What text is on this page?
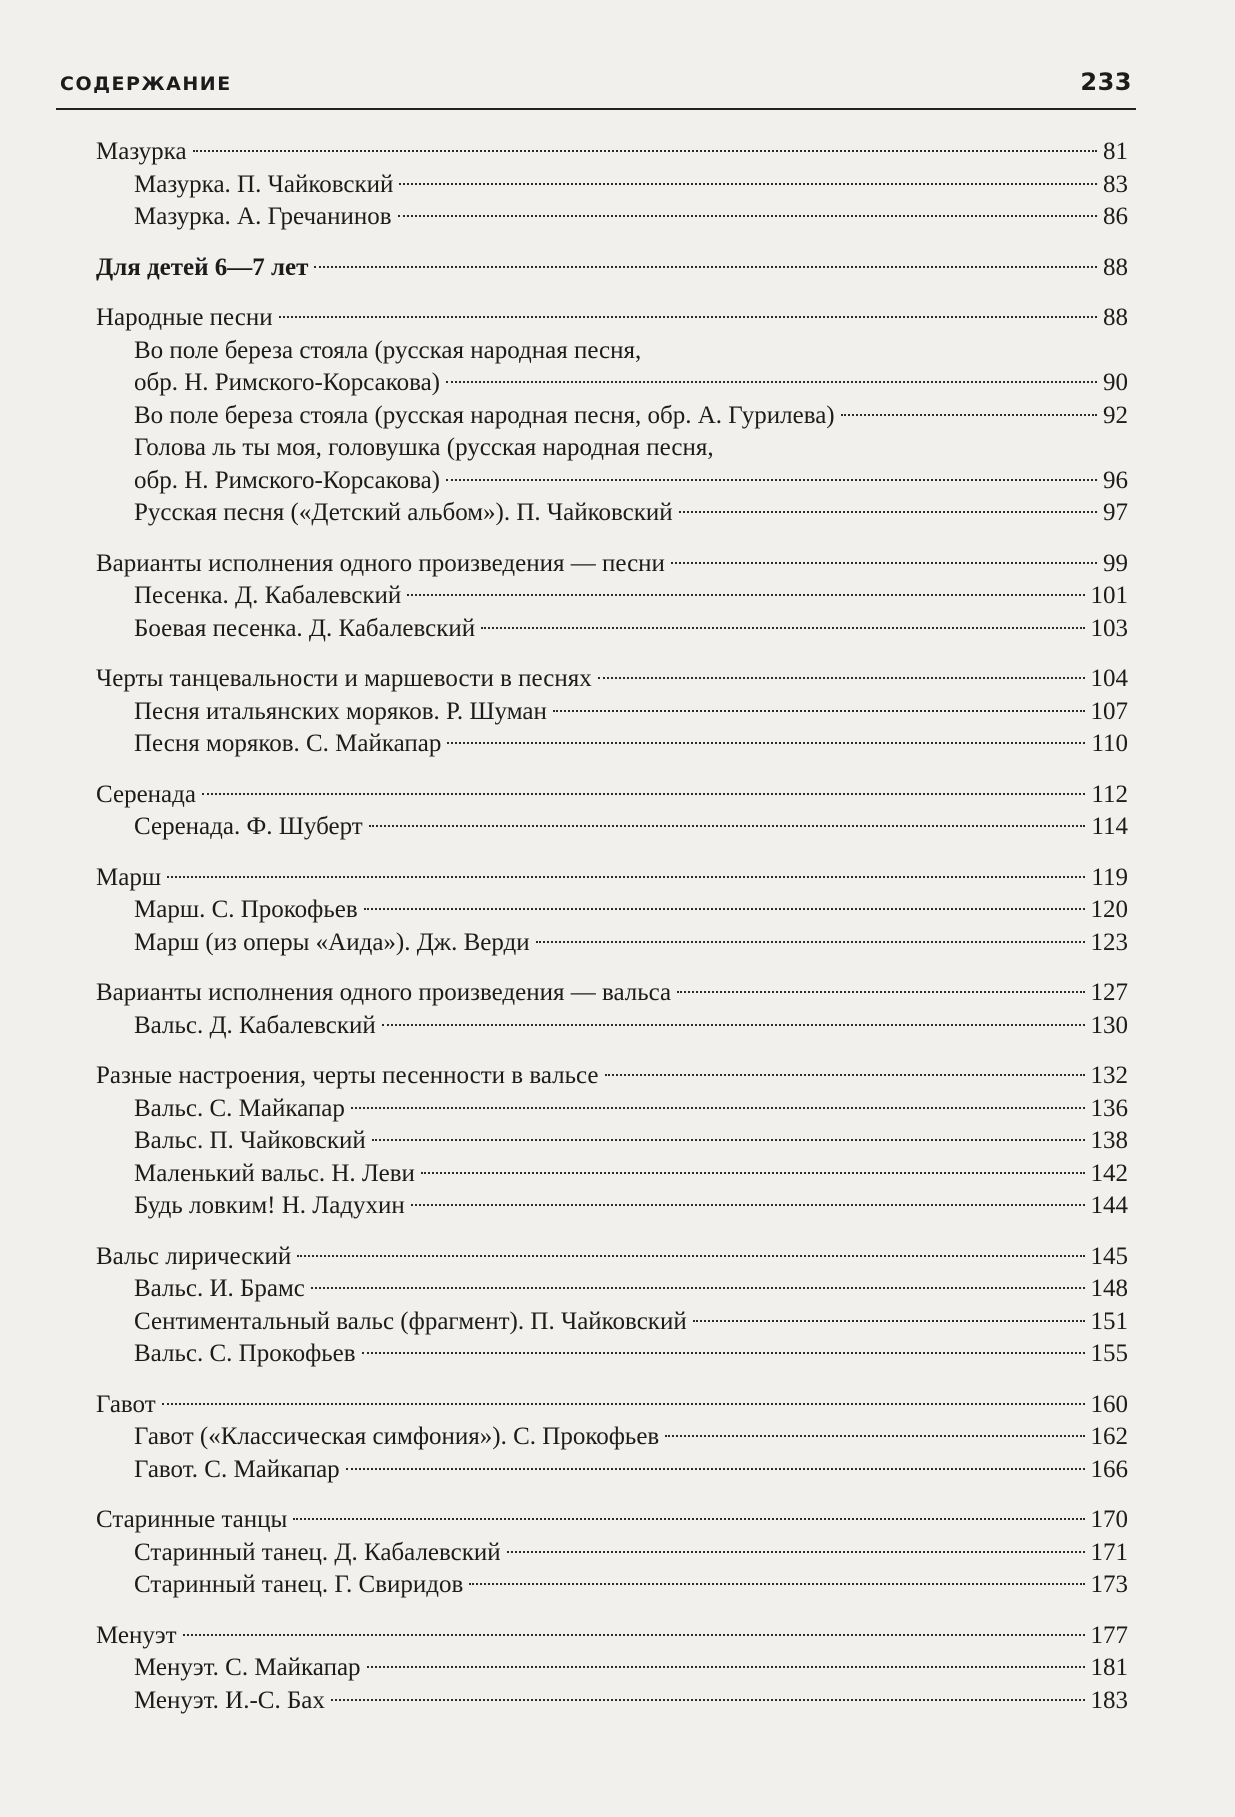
СОДЕРЖАНИЕ	233
Мазурка	81
Мазурка. П. Чайковский	83
Мазурка. А. Гречанинов	86
Для детей 6—7 лет	88
Народные песни	88
Во поле береза стояла (русская народная песня,
обр. Н. Римского-Корсакова)	90
Во поле береза стояла (русская народная песня, обр. А. Гурилева)	92
Голова ль ты моя, головушка (русская народная песня,
обр. Н. Римского-Корсакова)	96
Русская песня («Детский альбом»). П. Чайковский	97
Варианты исполнения одного произведения — песни	99
Песенка. Д. Кабалевский	101
Боевая песенка. Д. Кабалевский	103
Черты танцевальности и маршевости в песнях	104
Песня итальянских моряков. Р. Шуман	107
Песня моряков. С. Майкапар	110
Серенада	112
Серенада. Ф. Шуберт	114
Марш	119
Марш. С. Прокофьев	120
Марш (из оперы «Аида»). Дж. Верди	123
Варианты исполнения одного произведения — вальса	127
Вальс. Д. Кабалевский	130
Разные настроения, черты песенности в вальсе	132
Вальс. С. Майкапар	136
Вальс. П. Чайковский	138
Маленький вальс. Н. Леви	142
Будь ловким! Н. Ладухин	144
Вальс лирический	145
Вальс. И. Брамс	148
Сентиментальный вальс (фрагмент). П. Чайковский	151
Вальс. С. Прокофьев	155
Гавот	160
Гавот («Классическая симфония»). С. Прокофьев	162
Гавот. С. Майкапар	166
Старинные танцы	170
Старинный танец. Д. Кабалевский	171
Старинный танец. Г. Свиридов	173
Менуэт	177
Менуэт. С. Майкапар	181
Менуэт. И.-С. Бах	183
